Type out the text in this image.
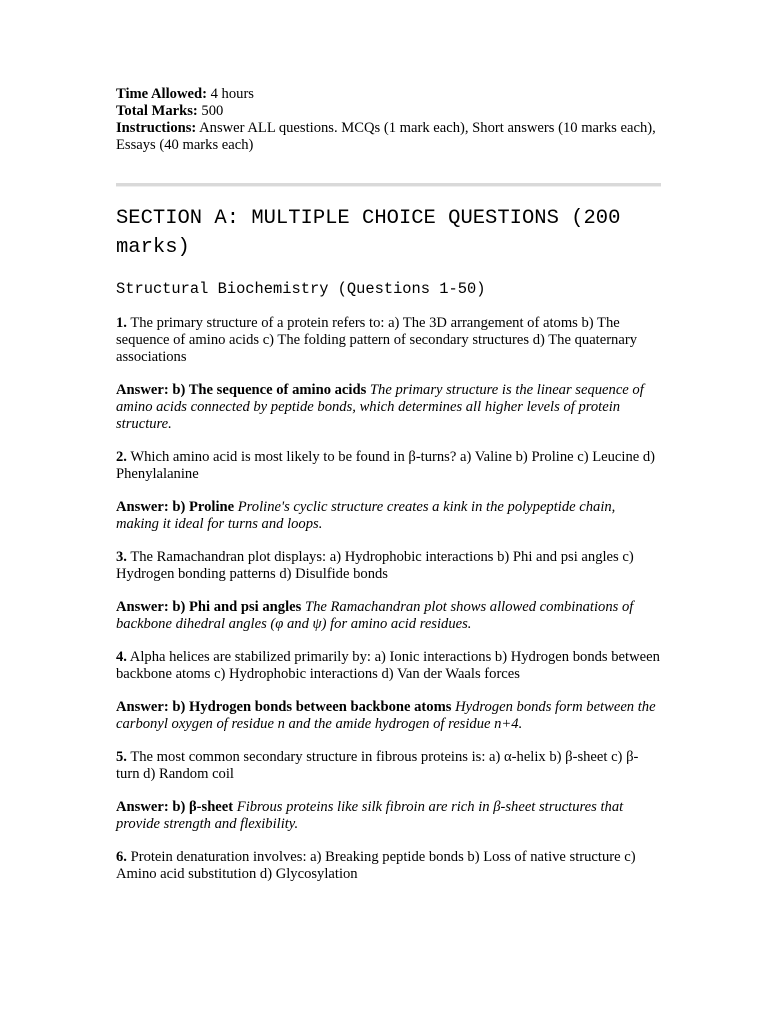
Time Allowed: 4 hours

Total Marks: 500

Instructions: Answer ALL questions. MCQs (1 mark each), Short answers (10 marks each), Essays (40 marks each)

SECTION A: MULTIPLE CHOICE QUESTIONS (200 marks)
Structural Biochemistry (Questions 1-50)

1. The primary structure of a protein refers to: a) The 3D arrangement of atoms b) The sequence of amino acids c) The folding pattern of secondary structures d) The quaternary associations

Answer: b) The sequence of amino acids The primary structure is the linear sequence of amino acids connected by peptide bonds, which determines all higher levels of protein structure.

2. Which amino acid is most likely to be found in β-turns? a) Valine b) Proline c) Leucine d) Phenylalanine

Answer: b) Proline Proline's cyclic structure creates a kink in the polypeptide chain, making it ideal for turns and loops.

3. The Ramachandran plot displays: a) Hydrophobic interactions b) Phi and psi angles c) Hydrogen bonding patterns d) Disulfide bonds

Answer: b) Phi and psi angles The Ramachandran plot shows allowed combinations of backbone dihedral angles (φ and ψ) for amino acid residues.

4. Alpha helices are stabilized primarily by: a) Ionic interactions b) Hydrogen bonds between backbone atoms c) Hydrophobic interactions d) Van der Waals forces

Answer: b) Hydrogen bonds between backbone atoms Hydrogen bonds form between the carbonyl oxygen of residue n and the amide hydrogen of residue n+4.

5. The most common secondary structure in fibrous proteins is: a) α-helix b) β-sheet c) β-turn d) Random coil

Answer: b) β-sheet Fibrous proteins like silk fibroin are rich in β-sheet structures that provide strength and flexibility.

6. Protein denaturation involves: a) Breaking peptide bonds b) Loss of native structure c) Amino acid substitution d) Glycosylation
